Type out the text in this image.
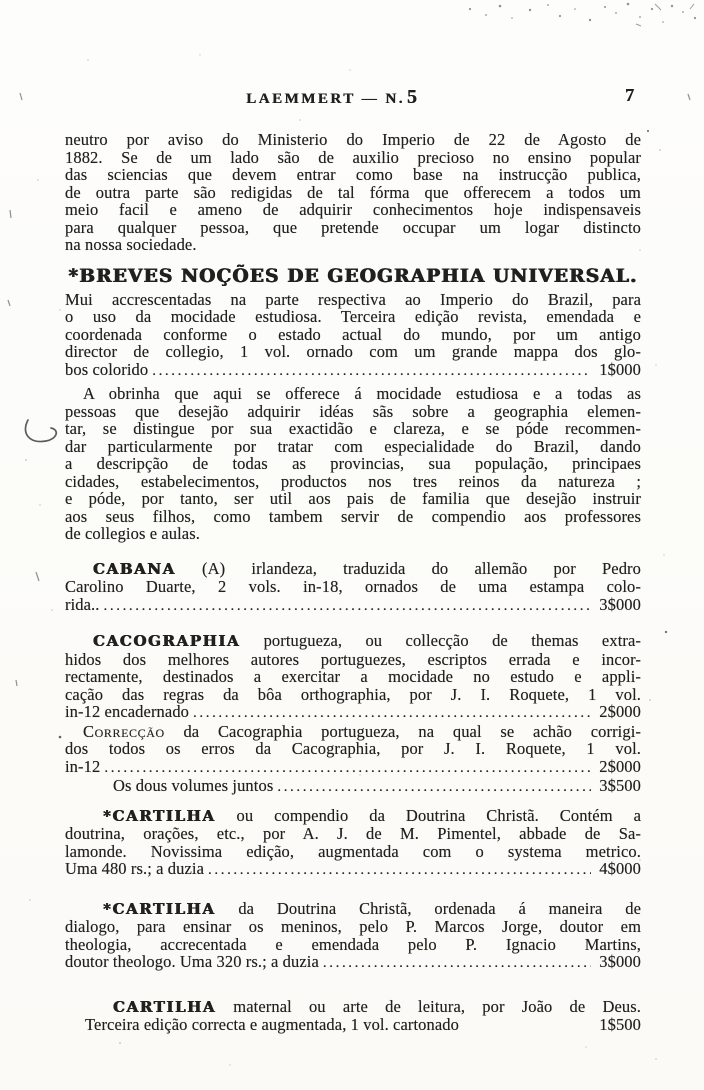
LAEMMERT — N. 5	7
neutro por aviso do Ministerio do Imperio de 22 de Agosto de
1882. Se de um lado são de auxilio precioso no ensino popular
das sciencias que devem entrar como base na instrucção publica,
de outra parte são redigidas de tal fórma que offerecem a todos um
meio facil e ameno de adquirir conhecimentos hoje indispensaveis
para qualquer pessoa, que pretende occupar um logar distincto
na nossa sociedade.
*BREVES NOÇÕES DE GEOGRAPHIA UNIVERSAL.
Mui accrescentadas na parte respectiva ao Imperio do Brazil, para
o uso da mocidade estudiosa. Terceira edição revista, emendada e
coordenada conforme o estado actual do mundo, por um antigo
director de collegio, 1 vol. ornado com um grande mappa dos glo-
bos colorido .....	1$000
A obrinha que aqui se offerece á mocidade estudiosa e a todas as
pessoas que desejão adquirir idéas sãs sobre a geographia elemen-
tar, se distingue por sua exactidão e clareza, e se póde recommen-
dar particularmente por tratar com especialidade do Brazil, dando
a descripção de todas as provincias, sua população, principaes
cidades, estabelecimentos, productos nos tres reinos da natureza ;
e póde, por tanto, ser util aos pais de familia que desejão instruir
aos seus filhos, como tambem servir de compendio aos professores
de collegios e aulas.
CABANA (A) irlandeza, traduzida do allemão por Pedro
Carolino Duarte, 2 vols. in-18, ornados de uma estampa colo-
rida.. .....	3$000
CACOGRAPHIA portugueza, ou collecção de themas extra-
hidos dos melhores autores portuguezes, escriptos errada e incor-
rectamente, destinados a exercitar a mocidade no estudo e appli-
cação das regras da bôa orthographia, por J. I. Roquete, 1 vol.
in-12 encadernado .....	2$000
Correcção da Cacographia portugueza, na qual se achão corrigi-
dos todos os erros da Cacographia, por J. I. Roquete, 1 vol.
in-12 .....	2$000
Os dous volumes juntos .....	3$500
*CARTILHA ou compendio da Doutrina Christã. Contém a
doutrina, orações, etc., por A. J. de M. Pimentel, abbade de Sa-
lamonde. Novissima edição, augmentada com o systema metrico.
Uma 480 rs.; a duzia .....	4$000
*CARTILHA da Doutrina Christã, ordenada á maneira de
dialogo, para ensinar os meninos, pelo P. Marcos Jorge, doutor em
theologia, accrecentada e emendada pelo P. Ignacio Martins,
doutor theologo. Uma 320 rs.; a duzia .....	3$000
CARTILHA maternal ou arte de leitura, por João de Deus.
Terceira edição correcta e augmentada, 1 vol. cartonado	1$500
